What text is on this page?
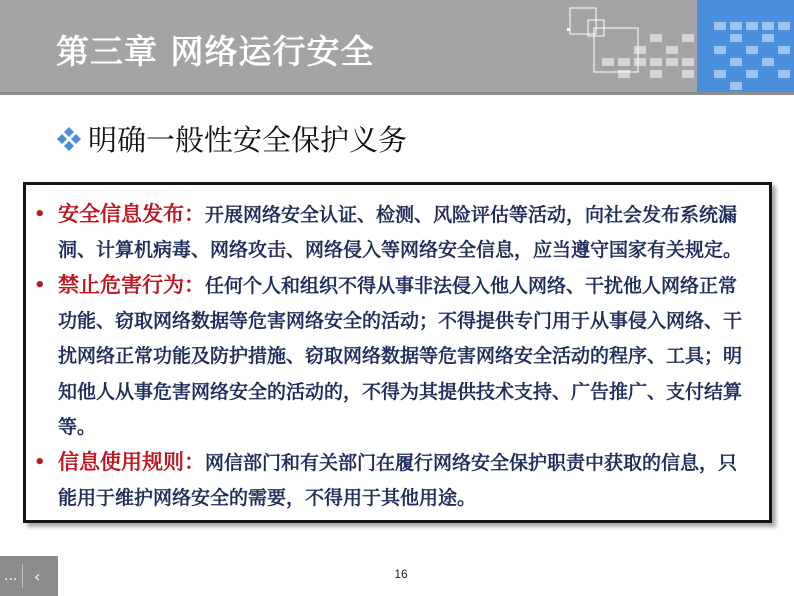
第三章 网络运行安全
明确一般性安全保护义务
• 安全信息发布：开展网络安全认证、检测、风险评估等活动，向社会发布系统漏洞、计算机病毒、网络攻击、网络侵入等网络安全信息，应当遵守国家有关规定。
• 禁止危害行为：任何个人和组织不得从事非法侵入他人网络、干扰他人网络正常功能、窃取网络数据等危害网络安全的活动；不得提供专门用于从事侵入网络、干扰网络正常功能及防护措施、窃取网络数据等危害网络安全活动的程序、工具；明知他人从事危害网络安全的活动的，不得为其提供技术支持、广告推广、支付结算等。
• 信息使用规则：网信部门和有关部门在履行网络安全保护职责中获取的信息，只能用于维护网络安全的需要，不得用于其他用途。
... ‹	16
